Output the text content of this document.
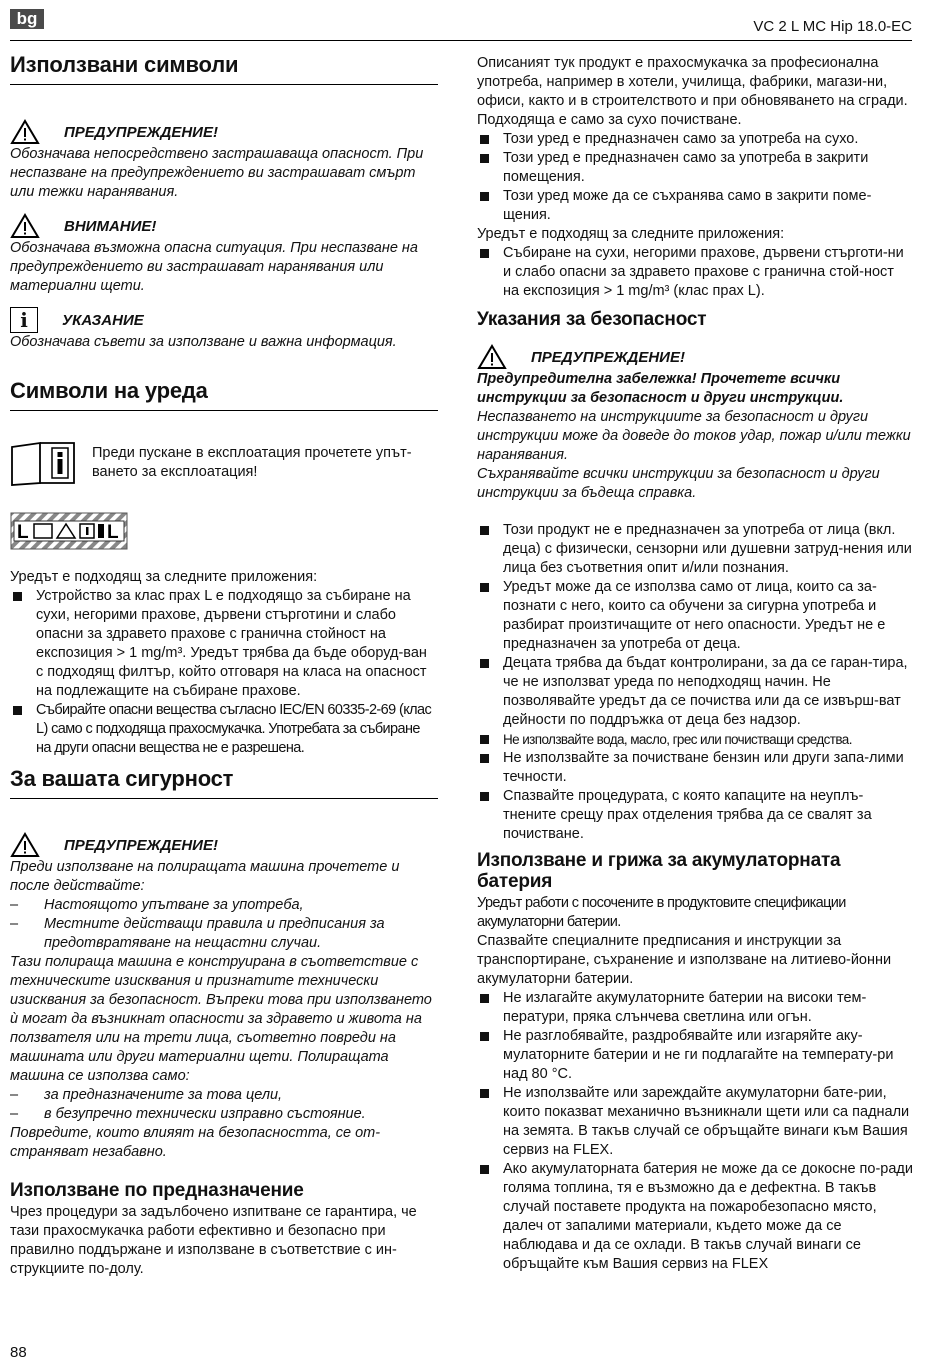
bg	VC 2 L MC Hip 18.0-EC
Използвани символи
ПРЕДУПРЕЖДЕНИЕ!

Обозначава непосредствено застрашаваща опасност. При неспазване на предупреждението ви застрашават смърт или тежки наранявания.

ВНИМАНИЕ!

Обозначава възможна опасна ситуация. При неспазване на предупреждението ви застрашават наранявания или материални щети.

i	УКАЗАНИЕ

Обозначава съвети за използване и важна информация.

Символи на уреда
Преди пускане в експлоатация прочетете упът-ването за експлоатация!
L	L

Уредът е подходящ за следните приложения:

Устройство за клас прах L е подходящо за събиране на сухи, негорими прахове, дървени стърготини и слабо опасни за здравето прахове с гранична стойност на експозиция > 1 mg/m³. Уредът трябва да бъде оборуд-ван с подходящ филтър, който отговаря на класа на опасност на подлежащите на събиране прахове.
Събирайте опасни вещества съгласно IEC/EN 60335-2-69 (клас L) само с подходяща прахосмукачка. Употребата за събиране на други опасни вещества не е разрешена.
За вашата сигурност
ПРЕДУПРЕЖДЕНИЕ!

Преди използване на полиращата машина прочетете и после действайте:

– Настоящото упътване за употреба,
– Местните действащи правила и предписания за предотвратяване на нещастни случаи.

Тази полираща машина е конструирана в съответствие с техническите изисквания и признатите технически изисквания за безопасност. Въпреки това при използването ѝ могат да възникнат опасности за здравето и живота на ползвателя или на трети лица, съответно повреди на машината или други материални щети. Полиращата машина се използва само:

– за предназначените за това цели,
– в безупречно технически изправно състояние.

Повредите, които влияят на безопасността, се от-страняват незабавно.

Използване по предназначение

Чрез процедури за задълбочено изпитване се гарантира, че тази прахосмукачка работи ефективно и безопасно при правилно поддържане и използване в съответствие с ин-струкциите по-долу.

Описаният тук продукт е прахосмукачка за професионална употреба, например в хотели, училища, фабрики, магази-ни, офиси, както и в строителството и при обновяването на сгради. Подходяща е само за сухо почистване.

Този уред е предназначен само за употреба на сухо.
Този уред е предназначен само за употреба в закрити помещения.
Този уред може да се съхранява само в закрити поме-щения.

Уредът е подходящ за следните приложения:

Събиране на сухи, негорими прахове, дървени стърготи-ни и слабо опасни за здравето прахове с гранична стой-ност на експозиция > 1 mg/m³ (клас прах L).
Указания за безопасност
ПРЕДУПРЕЖДЕНИЕ!

Предупредителна забележка! Прочетете всички инструкции за безопасност и други инструкции.

Неспазването на инструкциите за безопасност и други инструкции може да доведе до токов удар, пожар и/или тежки наранявания.

Съхранявайте всички инструкции за безопасност и други инструкции за бъдеща справка.

Този продукт не е предназначен за употреба от лица (вкл. деца) с физически, сензорни или душевни затруд-нения или лица без съответния опит и/или познания.
Уредът може да се използва само от лица, които са за-познати с него, които са обучени за сигурна употреба и разбират произтичащите от него опасности. Уредът не е предназначен за употреба от деца.
Децата трябва да бъдат контролирани, за да се гаран-тира, че не използват уреда по неподходящ начин. Не позволявайте уредът да се почиства или да се извърш-ват дейности по поддръжка от деца без надзор.
Не използвайте вода, масло, грес или почистващи средства.
Не използвайте за почистване бензин или други запа-лими течности.
Спазвайте процедурата, с която капаците на неуплъ-тнените срещу прах отделения трябва да се свалят за почистване.
Използване и грижа за акумулаторната батерия

Уредът работи с посочените в продуктовите спецификации акумулаторни батерии.

Спазвайте специалните предписания и инструкции за транспортиране, съхранение и използване на литиево-йонни акумулаторни батерии.

Не излагайте акумулаторните батерии на високи тем-ператури, пряка слънчева светлина или огън.
Не разглобявайте, раздробявайте или изгаряйте аку-мулаторните батерии и не ги подлагайте на температу-ри над 80 °C.
Не използвайте или зареждайте акумулаторни бате-рии, които показват механично възникнали щети или са паднали на земята. В такъв случай се обръщайте винаги към Вашия сервиз на FLEX.
Ако акумулаторната батерия не може да се докосне по-ради голяма топлина, тя е възможно да е дефектна. В такъв случай поставете продукта на пожаробезопасно място, далеч от запалими материали, където може да се наблюдава и да се охлади. В такъв случай винаги се обръщайте към Вашия сервиз на FLEX
88
